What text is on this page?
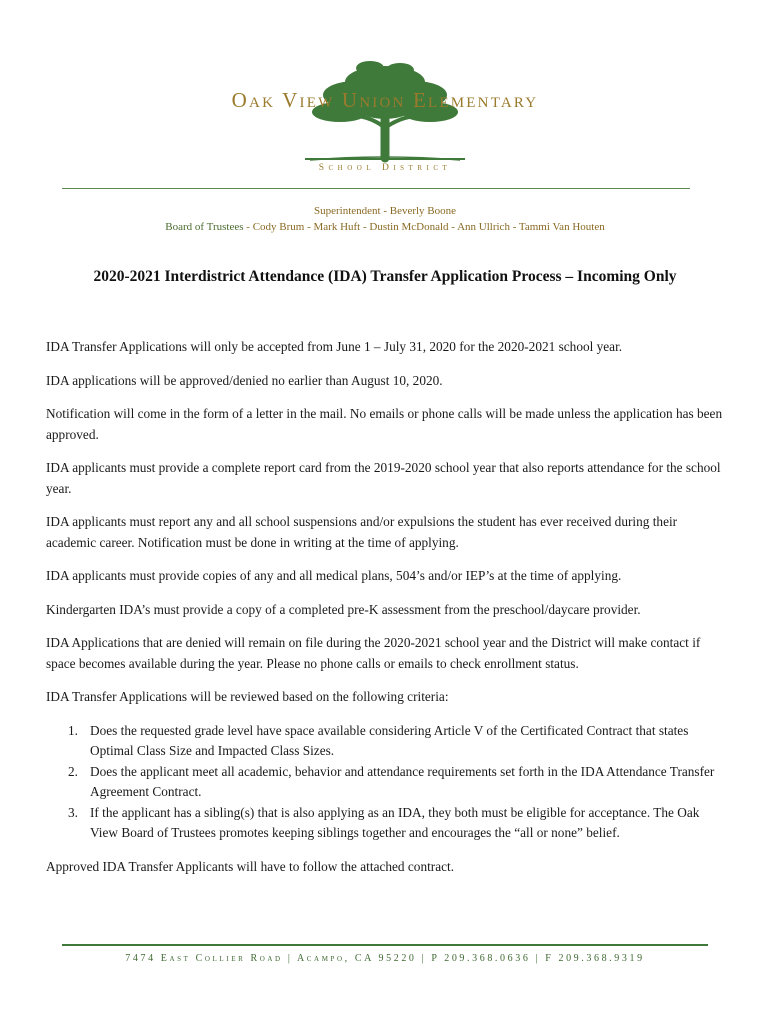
Oak View Union Elementary
School District
Superintendent - Beverly Boone
Board of Trustees - Cody Brum - Mark Huft - Dustin McDonald - Ann Ullrich - Tammi Van Houten
2020-2021 Interdistrict Attendance (IDA) Transfer Application Process – Incoming Only

IDA Transfer Applications will only be accepted from June 1 – July 31, 2020 for the 2020-2021 school year.

IDA applications will be approved/denied no earlier than August 10, 2020.

Notification will come in the form of a letter in the mail. No emails or phone calls will be made unless the application has been approved.

IDA applicants must provide a complete report card from the 2019-2020 school year that also reports attendance for the school year.

IDA applicants must report any and all school suspensions and/or expulsions the student has ever received during their academic career. Notification must be done in writing at the time of applying.

IDA applicants must provide copies of any and all medical plans, 504’s and/or IEP’s at the time of applying.

Kindergarten IDA’s must provide a copy of a completed pre-K assessment from the preschool/daycare provider.

IDA Applications that are denied will remain on file during the 2020-2021 school year and the District will make contact if space becomes available during the year. Please no phone calls or emails to check enrollment status.

IDA Transfer Applications will be reviewed based on the following criteria:

1. Does the requested grade level have space available considering Article V of the Certificated Contract that states Optimal Class Size and Impacted Class Sizes.
2. Does the applicant meet all academic, behavior and attendance requirements set forth in the IDA Attendance Transfer Agreement Contract.
3. If the applicant has a sibling(s) that is also applying as an IDA, they both must be eligible for acceptance. The Oak View Board of Trustees promotes keeping siblings together and encourages the “all or none” belief.

Approved IDA Transfer Applicants will have to follow the attached contract.

7474 East Collier Road | Acampo, CA 95220 | P 209.368.0636 | F 209.368.9319
